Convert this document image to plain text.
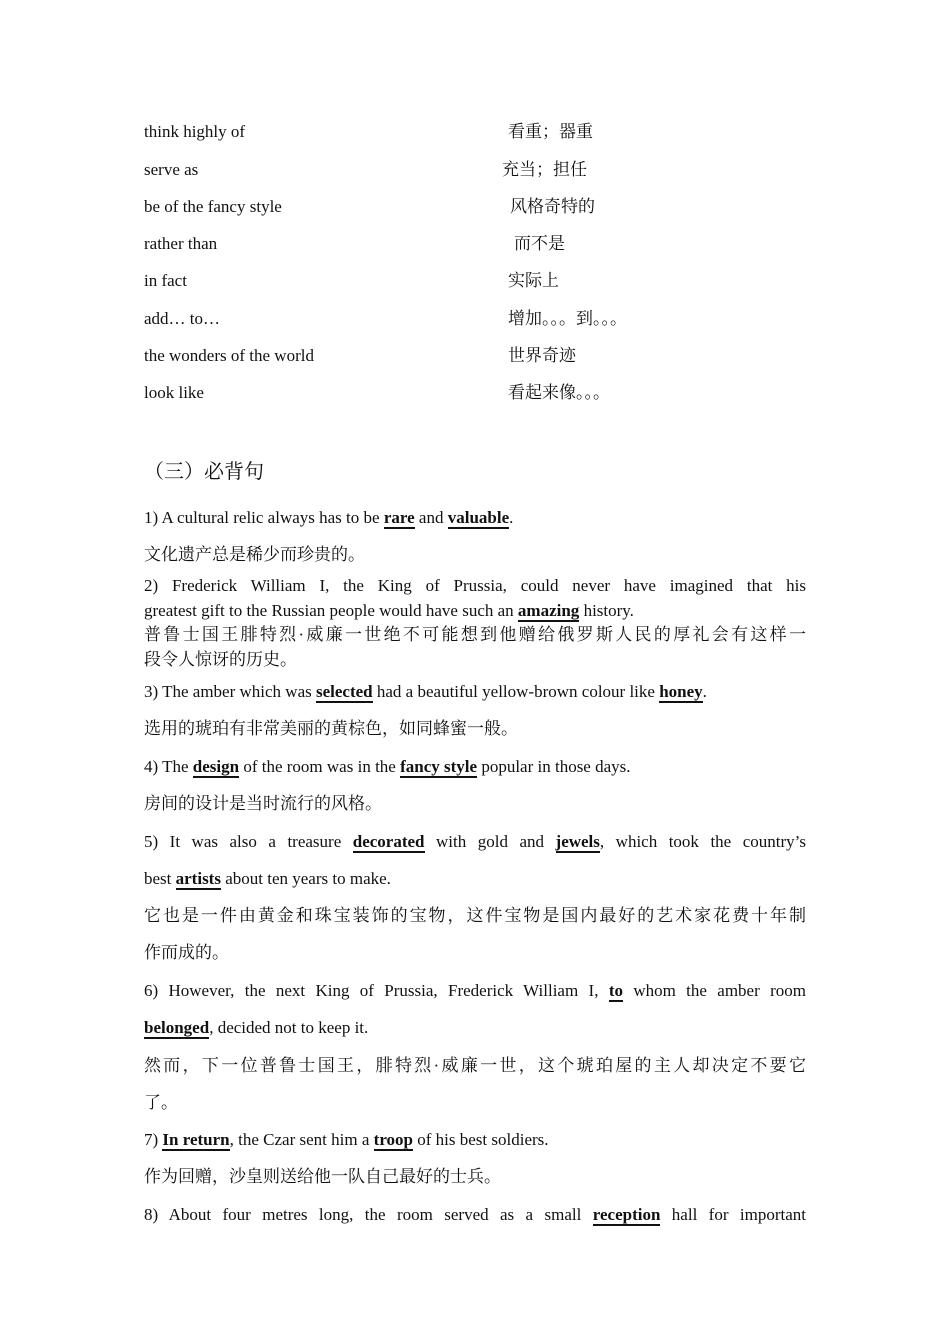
think highly of	看重；器重
serve as	充当；担任
be of the fancy style	风格奇特的
rather than	而不是
in fact	实际上
add… to…	增加。。。到。。。
the wonders of the world	世界奇迹
look like	看起来像。。。
（三）必背句
1) A cultural relic always has to be rare and valuable.
文化遗产总是稀少而珍贵的。
2) Frederick William I, the King of Prussia, could never have imagined that his
greatest gift to the Russian people would have such an amazing history.
普鲁士国王腓特烈·威廉一世绝不可能想到他赠给俄罗斯人民的厚礼会有这样一
段令人惊讶的历史。
3) The amber which was selected had a beautiful yellow-brown colour like honey.
选用的琥珀有非常美丽的黄棕色，如同蜂蜜一般。
4) The design of the room was in the fancy style popular in those days.
房间的设计是当时流行的风格。
5) It was also a treasure decorated with gold and jewels, which took the country’s
best artists about ten years to make.
它也是一件由黄金和珠宝装饰的宝物，这件宝物是国内最好的艺术家花费十年制
作而成的。
6) However, the next King of Prussia, Frederick William I, to whom the amber room
belonged, decided not to keep it.
然而，下一位普鲁士国王，腓特烈·威廉一世，这个琥珀屋的主人却决定不要它
了。
7) In return, the Czar sent him a troop of his best soldiers.
作为回赠，沙皇则送给他一队自己最好的士兵。
8) About four metres long, the room served as a small reception hall for important
